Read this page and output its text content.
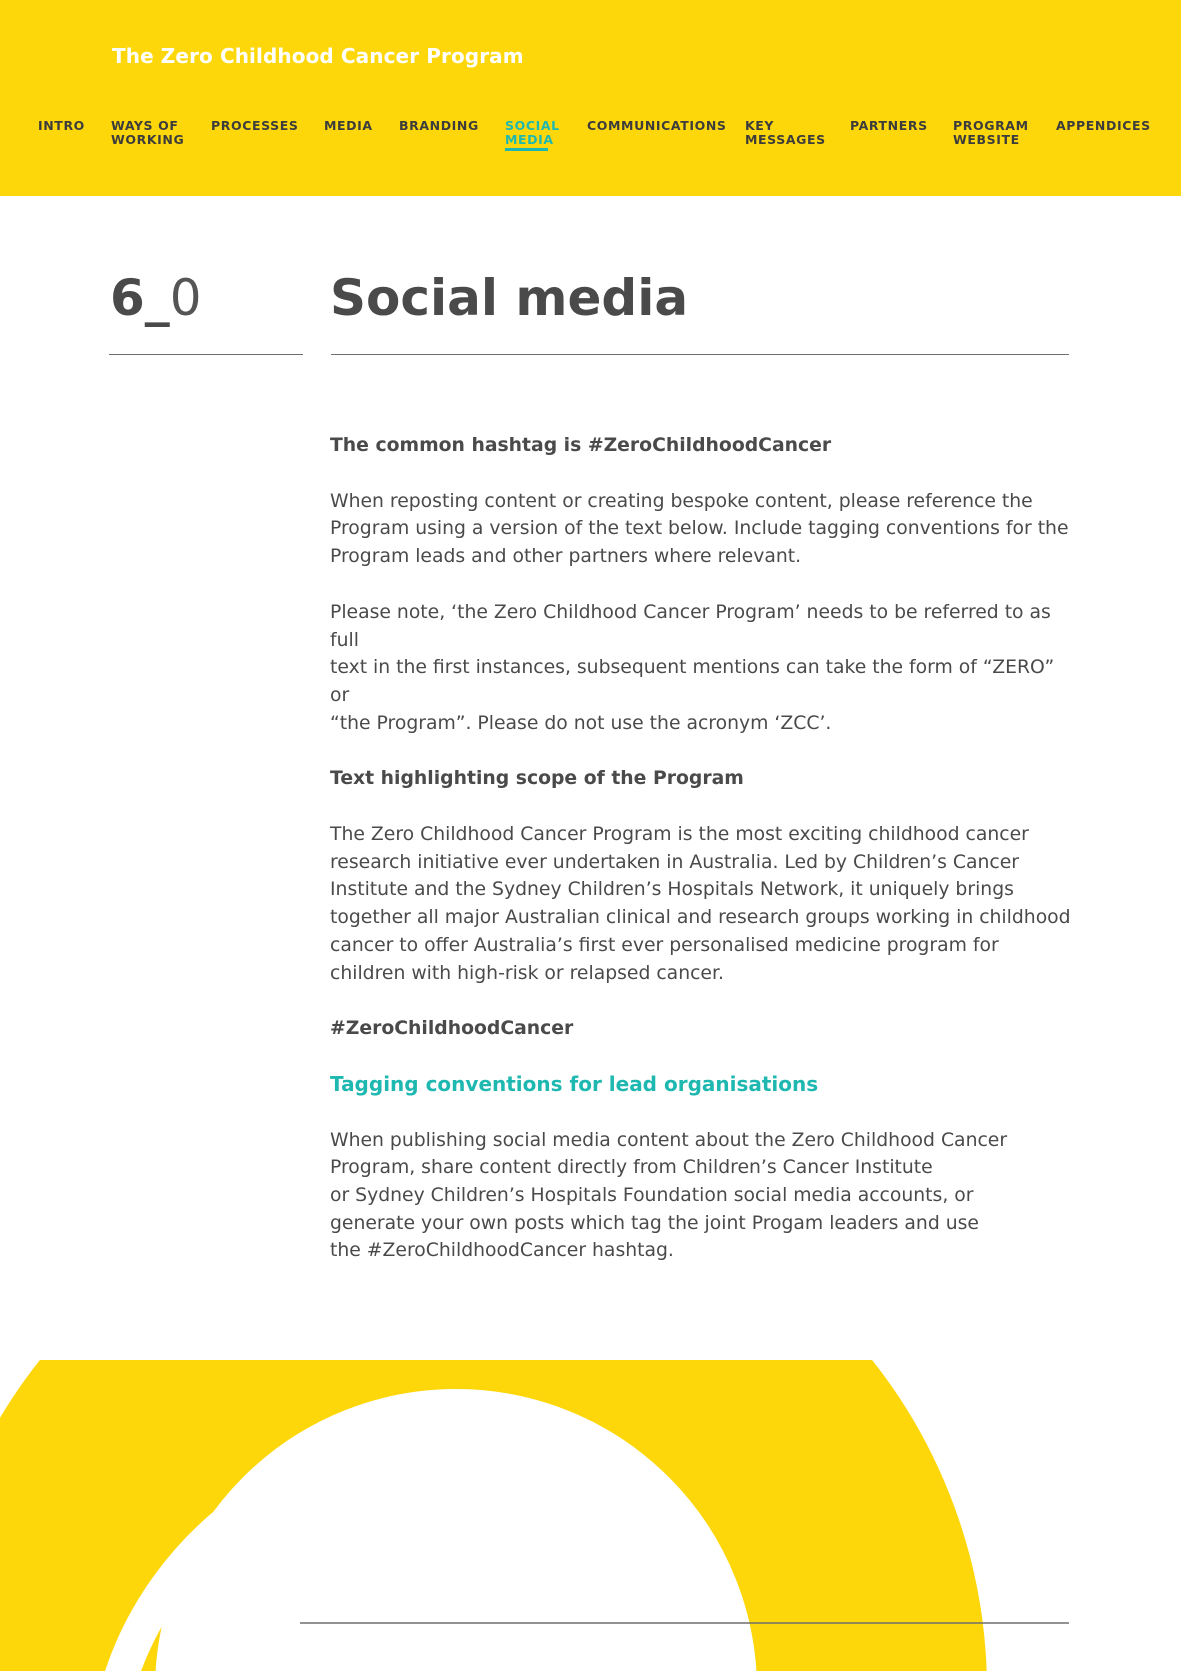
The Zero Childhood Cancer Program
INTRO WAYS OF
WORKING
PROCESSES MEDIA BRANDING SOCIAL
MEDIA
COMMUNICATIONS KEY
MESSAGES
PARTNERS PROGRAM
WEBSITE
APPENDICES
6_0	Social media

The common hashtag is #ZeroChildhoodCancer

When reposting content or creating bespoke content, please reference the
Program using a version of the text below. Include tagging conventions for the
Program leads and other partners where relevant.

Please note, ‘the Zero Childhood Cancer Program’ needs to be referred to as full
text in the first instances, subsequent mentions can take the form of “ZERO” or
“the Program”. Please do not use the acronym ‘ZCC’.

Text highlighting scope of the Program

The Zero Childhood Cancer Program is the most exciting childhood cancer
research initiative ever undertaken in Australia. Led by Children’s Cancer
Institute and the Sydney Children’s Hospitals Network, it uniquely brings
together all major Australian clinical and research groups working in childhood
cancer to offer Australia’s first ever personalised medicine program for
children with high-risk or relapsed cancer.

#ZeroChildhoodCancer

Tagging conventions for lead organisations

When publishing social media content about the Zero Childhood Cancer
Program, share content directly from Children’s Cancer Institute
or Sydney Children’s Hospitals Foundation social media accounts, or
generate your own posts which tag the joint Progam leaders and use
the #ZeroChildhoodCancer hashtag.
